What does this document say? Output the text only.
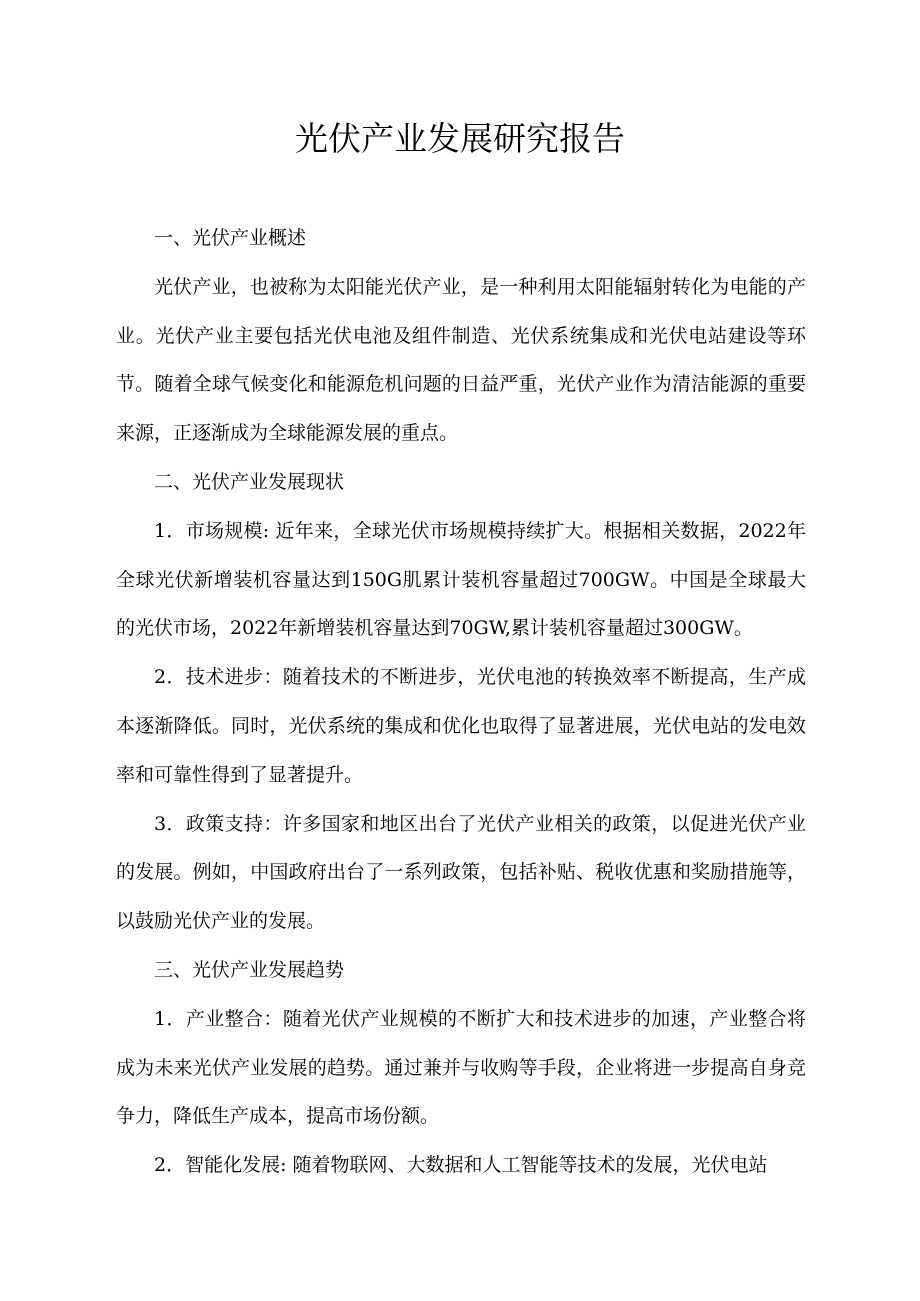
光伏产业发展研究报告

一、光伏产业概述

光伏产业，也被称为太阳能光伏产业，是一种利用太阳能辐射转化为电能的产业。光伏产业主要包括光伏电池及组件制造、光伏系统集成和光伏电站建设等环节。随着全球气候变化和能源危机问题的日益严重，光伏产业作为清洁能源的重要来源，正逐渐成为全球能源发展的重点。

二、光伏产业发展现状

1．市场规模: 近年来，全球光伏市场规模持续扩大。根据相关数据，2022年全球光伏新增装机容量达到150G肌累计装机容量超过700GW。中国是全球最大的光伏市场，2022年新增装机容量达到70GW,累计装机容量超过300GW。

2．技术进步：随着技术的不断进步，光伏电池的转换效率不断提高，生产成本逐渐降低。同时，光伏系统的集成和优化也取得了显著进展，光伏电站的发电效率和可靠性得到了显著提升。

3．政策支持：许多国家和地区出台了光伏产业相关的政策，以促进光伏产业的发展。例如，中国政府出台了一系列政策，包括补贴、税收优惠和奖励措施等，以鼓励光伏产业的发展。

三、光伏产业发展趋势

1．产业整合：随着光伏产业规模的不断扩大和技术进步的加速，产业整合将成为未来光伏产业发展的趋势。通过兼并与收购等手段，企业将进一步提高自身竞争力，降低生产成本，提高市场份额。

2．智能化发展: 随着物联网、大数据和人工智能等技术的发展，光伏电站
